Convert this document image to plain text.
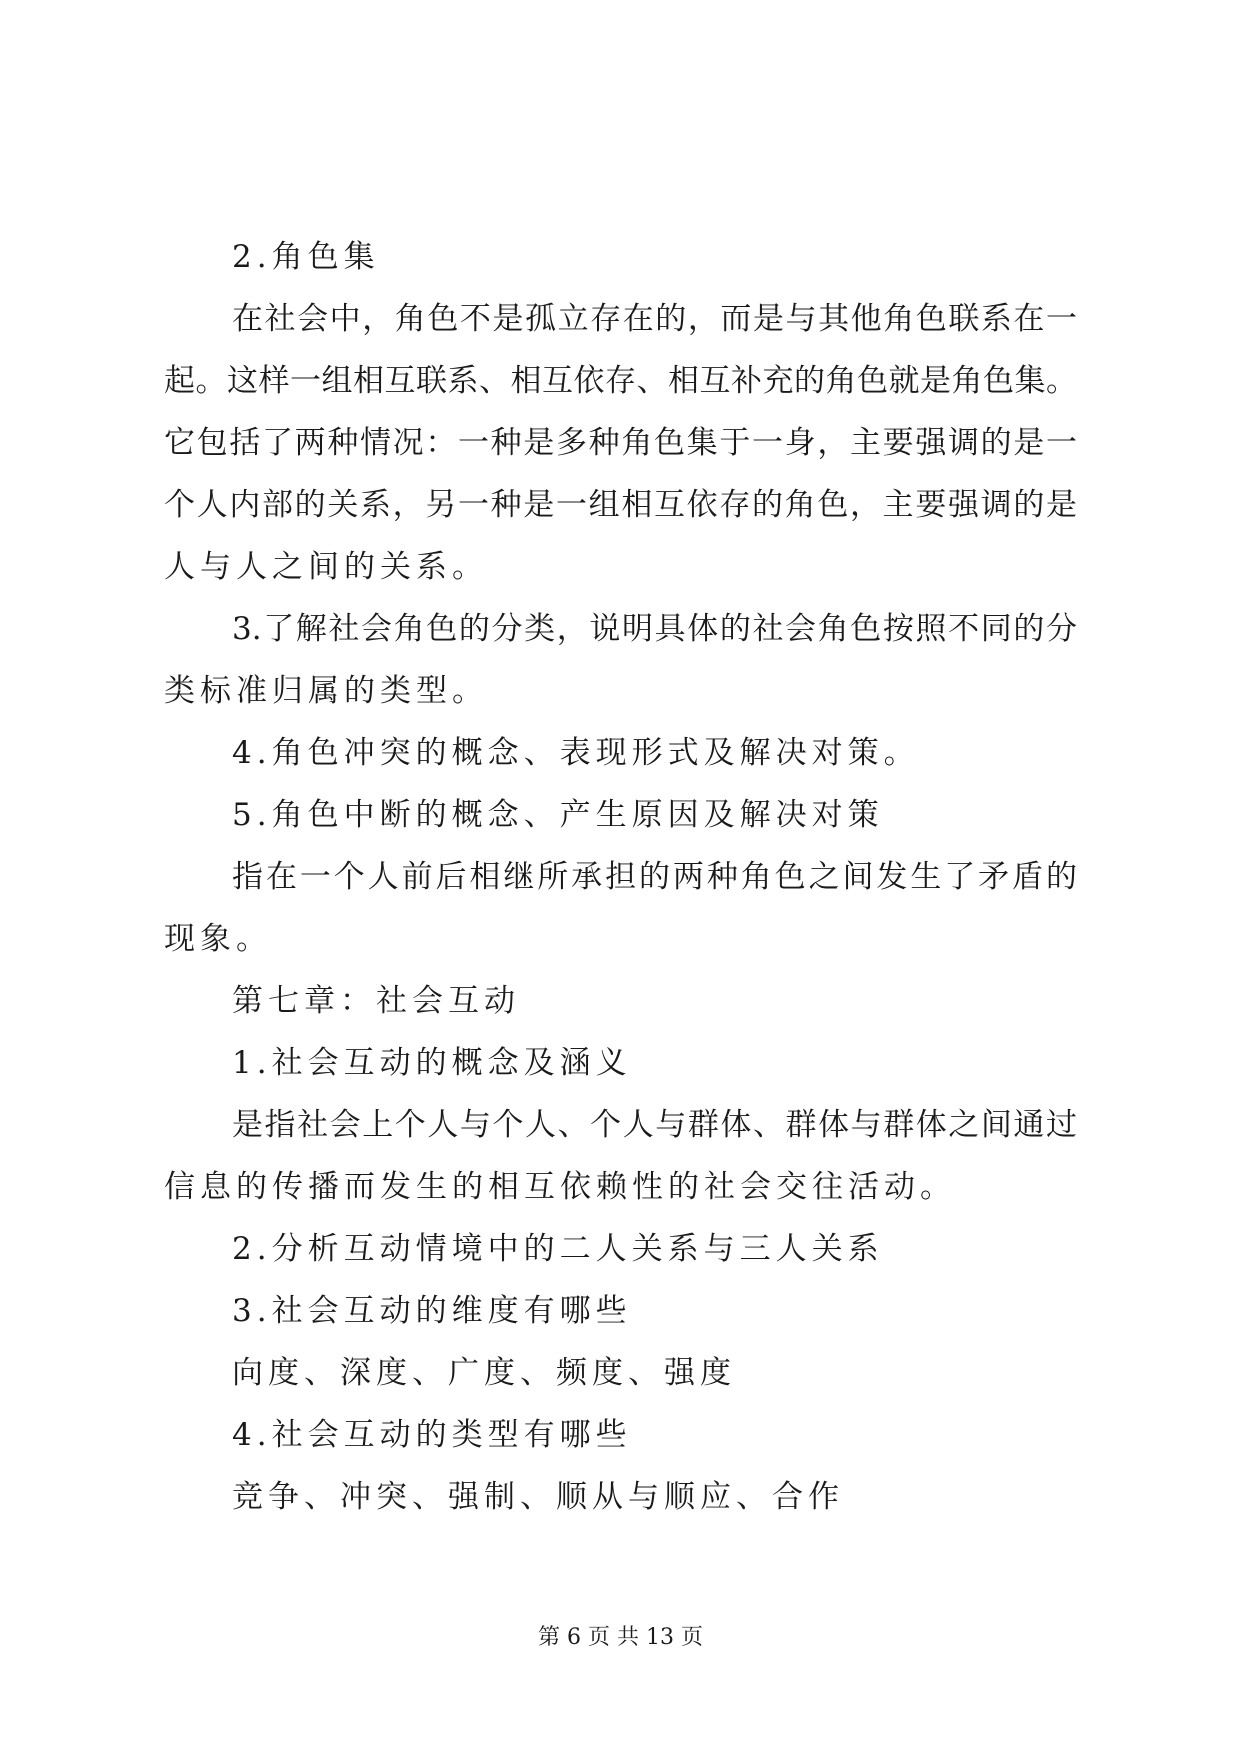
2.角色集
在社会中，角色不是孤立存在的，而是与其他角色联系在一
起。这样一组相互联系、相互依存、相互补充的角色就是角色集。
它包括了两种情况：一种是多种角色集于一身，主要强调的是一
个人内部的关系，另一种是一组相互依存的角色，主要强调的是
人与人之间的关系。
3.了解社会角色的分类，说明具体的社会角色按照不同的分
类标准归属的类型。
4.角色冲突的概念、表现形式及解决对策。
5.角色中断的概念、产生原因及解决对策
指在一个人前后相继所承担的两种角色之间发生了矛盾的
现象。
第七章：社会互动
1.社会互动的概念及涵义
是指社会上个人与个人、个人与群体、群体与群体之间通过
信息的传播而发生的相互依赖性的社会交往活动。
2.分析互动情境中的二人关系与三人关系
3.社会互动的维度有哪些
向度、深度、广度、频度、强度
4.社会互动的类型有哪些
竞争、冲突、强制、顺从与顺应、合作
第 6 页 共 13 页
